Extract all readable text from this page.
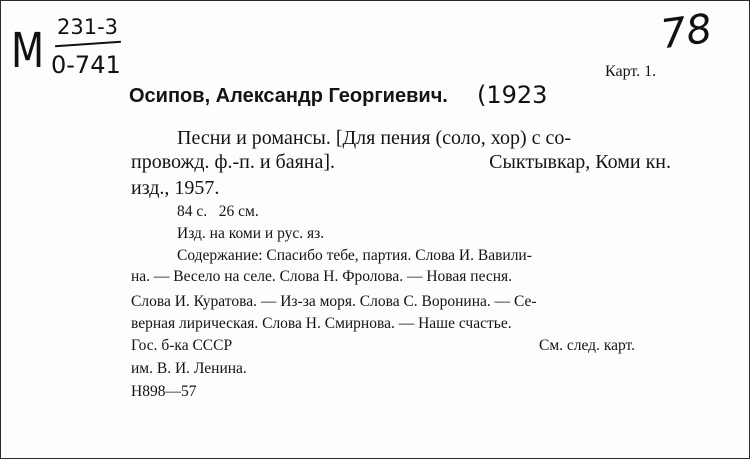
М 231-3
0-741
78
Карт. 1.
Осипов, Александр Георгиевич. (1923
Песни и романсы. [Для пения (соло, хор) с со-
провожд. ф.-п. и баяна].	Сыктывкар, Коми кн.
изд., 1957.
84 с.   26 см.
Изд. на коми и рус. яз.
Содержание: Спасибо тебе, партия. Слова И. Вавили-
на. — Весело на селе. Слова Н. Фролова. — Новая песня.
Слова И. Куратова. — Из-за моря. Слова С. Воронина. — Се-
верная лирическая. Слова Н. Смирнова. — Наше счастье.
Гос. б-ка СССР	См. след. карт.
им. В. И. Ленина.
Н898—57
